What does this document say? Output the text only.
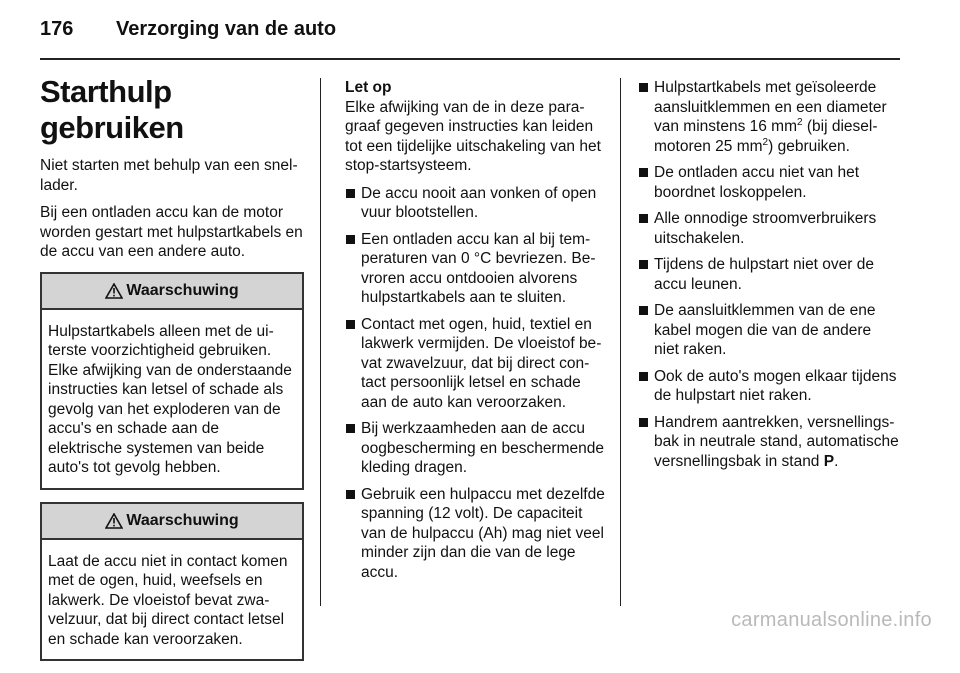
176 Verzorging van de auto
Starthulp gebruiken

Niet starten met behulp van een snellader.

Bij een ontladen accu kan de motor worden gestart met hulpstartkabels en de accu van een andere auto.

Waarschuwing
Hulpstartkabels alleen met de uiterste voorzichtigheid gebruiken. Elke afwijking van de onderstaande instructies kan letsel of schade als gevolg van het exploderen van de accu's en schade aan de elektrische systemen van beide auto's tot gevolg hebben.
Waarschuwing
Laat de accu niet in contact komen met de ogen, huid, weefsels en lakwerk. De vloeistof bevat zwavelzuur, dat bij direct contact letsel en schade kan veroorzaken.
Let op

Elke afwijking van de in deze paragraaf gegeven instructies kan leiden tot een tijdelijke uitschakeling van het stop-startsysteem.

De accu nooit aan vonken of open vuur blootstellen.
Een ontladen accu kan al bij temperaturen van 0 °C bevriezen. Bevroren accu ontdooien alvorens hulpstartkabels aan te sluiten.
Contact met ogen, huid, textiel en lakwerk vermijden. De vloeistof bevat zwavelzuur, dat bij direct contact persoonlijk letsel en schade aan de auto kan veroorzaken.
Bij werkzaamheden aan de accu oogbescherming en beschermende kleding dragen.
Gebruik een hulpaccu met dezelfde spanning (12 volt). De capaciteit van de hulpaccu (Ah) mag niet veel minder zijn dan die van de lege accu.
Hulpstartkabels met geïsoleerde aansluitklemmen en een diameter van minstens 16 $mm^2$ (bij dieselmotoren 25 $mm^2$) gebruiken.
De ontladen accu niet van het boordnet loskoppelen.
Alle onnodige stroomverbruikers uitschakelen.
Tijdens de hulpstart niet over de accu leunen.
De aansluitklemmen van de ene kabel mogen die van de andere niet raken.
Ook de auto's mogen elkaar tijdens de hulpstart niet raken.
Handrem aantrekken, versnellingsbak in neutrale stand, automatische versnellingsbak in stand P.
carmanualsonline.info
